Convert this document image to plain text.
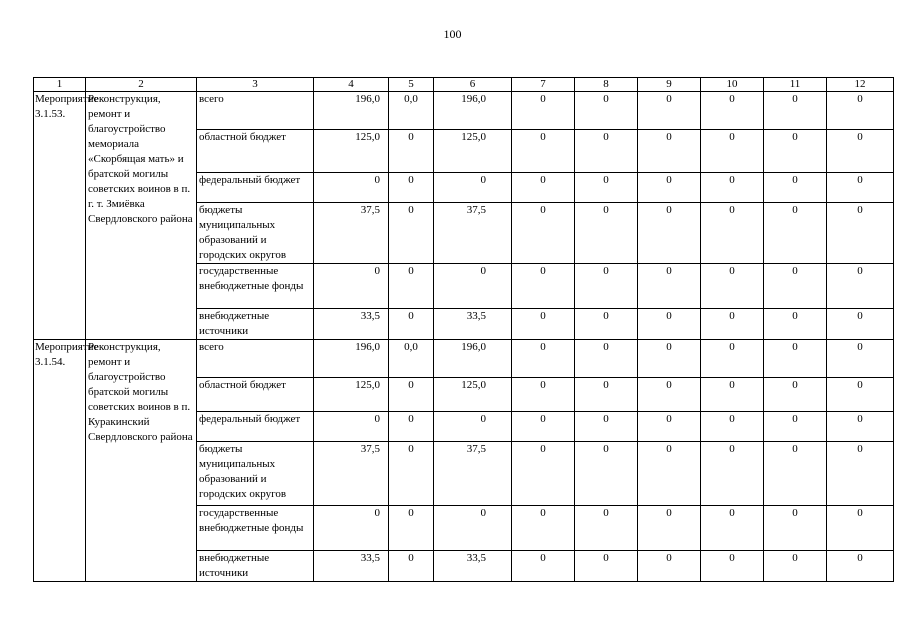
100
1	2	3	4	5	6	7	8	9	10	11	12
Мероприятие 3.1.53.	Реконструкция, ремонт и благоустройство мемориала «Скорбящая мать» и братской могилы советских воинов в п. г. т. Змиёвка Свердловского района	всего	196,0	0,0	196,0	0	0	0	0	0	0
		областной бюджет	125,0	0	125,0	0	0	0	0	0	0
		федеральный бюджет	0	0	0	0	0	0	0	0	0
		бюджеты муниципальных образований и городских округов	37,5	0	37,5	0	0	0	0	0	0
		государственные внебюджетные фонды	0	0	0	0	0	0	0	0	0
		внебюджетные источники	33,5	0	33,5	0	0	0	0	0	0
Мероприятие 3.1.54.	Реконструкция, ремонт и благоустройство братской могилы советских воинов в п. Куракинский Свердловского района	всего	196,0	0,0	196,0	0	0	0	0	0	0
		областной бюджет	125,0	0	125,0	0	0	0	0	0	0
		федеральный бюджет	0	0	0	0	0	0	0	0	0
		бюджеты муниципальных образований и городских округов	37,5	0	37,5	0	0	0	0	0	0
		государственные внебюджетные фонды	0	0	0	0	0	0	0	0	0
		внебюджетные источники	33,5	0	33,5	0	0	0	0	0	0
